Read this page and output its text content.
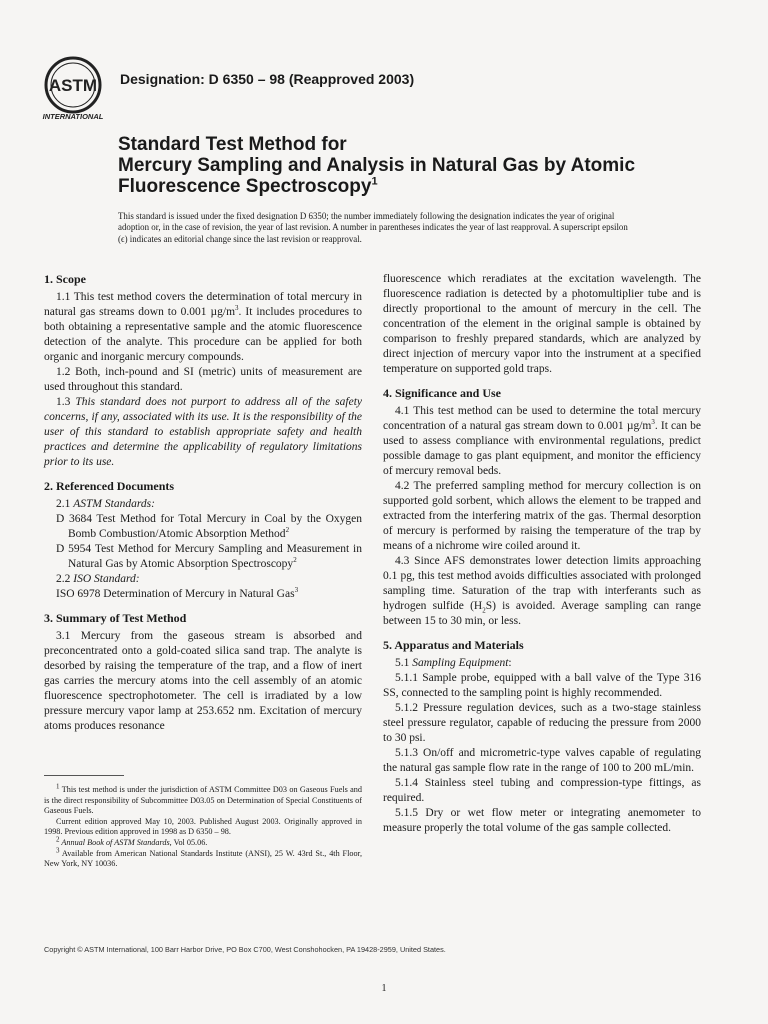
ASTM
INTERNATIONAL
Designation: D 6350 – 98 (Reapproved 2003)
Standard Test Method for
Mercury Sampling and Analysis in Natural Gas by Atomic
Fluorescence Spectroscopy$^1$
This standard is issued under the fixed designation D 6350; the number immediately following the designation indicates the year of original adoption or, in the case of revision, the year of last revision. A number in parentheses indicates the year of last reapproval. A superscript epsilon (ϵ) indicates an editorial change since the last revision or reapproval.
1. Scope

1.1 This test method covers the determination of total mercury in natural gas streams down to 0.001 $\mu g/m^3$. It includes procedures to both obtaining a representative sample and the atomic fluorescence detection of the analyte. This procedure can be applied for both organic and inorganic mercury compounds.

1.2 Both, inch-pound and SI (metric) units of measurement are used throughout this standard.

1.3 This standard does not purport to address all of the safety concerns, if any, associated with its use. It is the responsibility of the user of this standard to establish appropriate safety and health practices and determine the applicability of regulatory limitations prior to its use.

2. Referenced Documents

2.1 ASTM Standards:

D 3684 Test Method for Total Mercury in Coal by the Oxygen Bomb Combustion/Atomic Absorption Method$^2$

D 5954 Test Method for Mercury Sampling and Measurement in Natural Gas by Atomic Absorption Spectroscopy$^2$

2.2 ISO Standard:

ISO 6978 Determination of Mercury in Natural Gas$^3$

3. Summary of Test Method

3.1 Mercury from the gaseous stream is absorbed and preconcentrated onto a gold-coated silica sand trap. The analyte is desorbed by raising the temperature of the trap, and a flow of inert gas carries the mercury atoms into the cell assembly of an atomic fluorescence spectrophotometer. The cell is irradiated by a low pressure mercury vapor lamp at 253.652 nm. Excitation of mercury atoms produces resonance

fluorescence which reradiates at the excitation wavelength. The fluorescence radiation is detected by a photomultiplier tube and is directly proportional to the amount of mercury in the cell. The concentration of the element in the original sample is obtained by comparison to freshly prepared standards, which are analyzed by direct injection of mercury vapor into the instrument at a specified temperature on supported gold traps.

4. Significance and Use

4.1 This test method can be used to determine the total mercury concentration of a natural gas stream down to 0.001 $\mu g/m^3$. It can be used to assess compliance with environmental regulations, predict possible damage to gas plant equipment, and monitor the efficiency of mercury removal beds.

4.2 The preferred sampling method for mercury collection is on supported gold sorbent, which allows the element to be trapped and extracted from the interfering matrix of the gas. Thermal desorption of mercury is performed by raising the temperature of the trap by means of a nichrome wire coiled around it.

4.3 Since AFS demonstrates lower detection limits approaching 0.1 pg, this test method avoids difficulties associated with prolonged sampling time. Saturation of the trap with interferants such as hydrogen sulfide $(H_2S)$ is avoided. Average sampling can range between 15 to 30 min, or less.

5. Apparatus and Materials

5.1 Sampling Equipment:

5.1.1 Sample probe, equipped with a ball valve of the Type 316 SS, connected to the sampling point is highly recommended.

5.1.2 Pressure regulation devices, such as a two-stage stainless steel pressure regulator, capable of reducing the pressure from 2000 to 30 psi.

5.1.3 On/off and micrometric-type valves capable of regulating the natural gas sample flow rate in the range of 100 to 200 mL/min.

5.1.4 Stainless steel tubing and compression-type fittings, as required.

5.1.5 Dry or wet flow meter or integrating anemometer to measure properly the total volume of the gas sample collected.

$^1$ This test method is under the jurisdiction of ASTM Committee D03 on Gaseous Fuels and is the direct responsibility of Subcommittee D03.05 on Determination of Special Constituents of Gaseous Fuels.

Current edition approved May 10, 2003. Published August 2003. Originally approved in 1998. Previous edition approved in 1998 as D 6350 – 98.

$^2$ Annual Book of ASTM Standards, Vol 05.06.

$^3$ Available from American National Standards Institute (ANSI), 25 W. 43rd St., 4th Floor, New York, NY 10036.

Copyright © ASTM International, 100 Barr Harbor Drive, PO Box C700, West Conshohocken, PA 19428-2959, United States.
1
